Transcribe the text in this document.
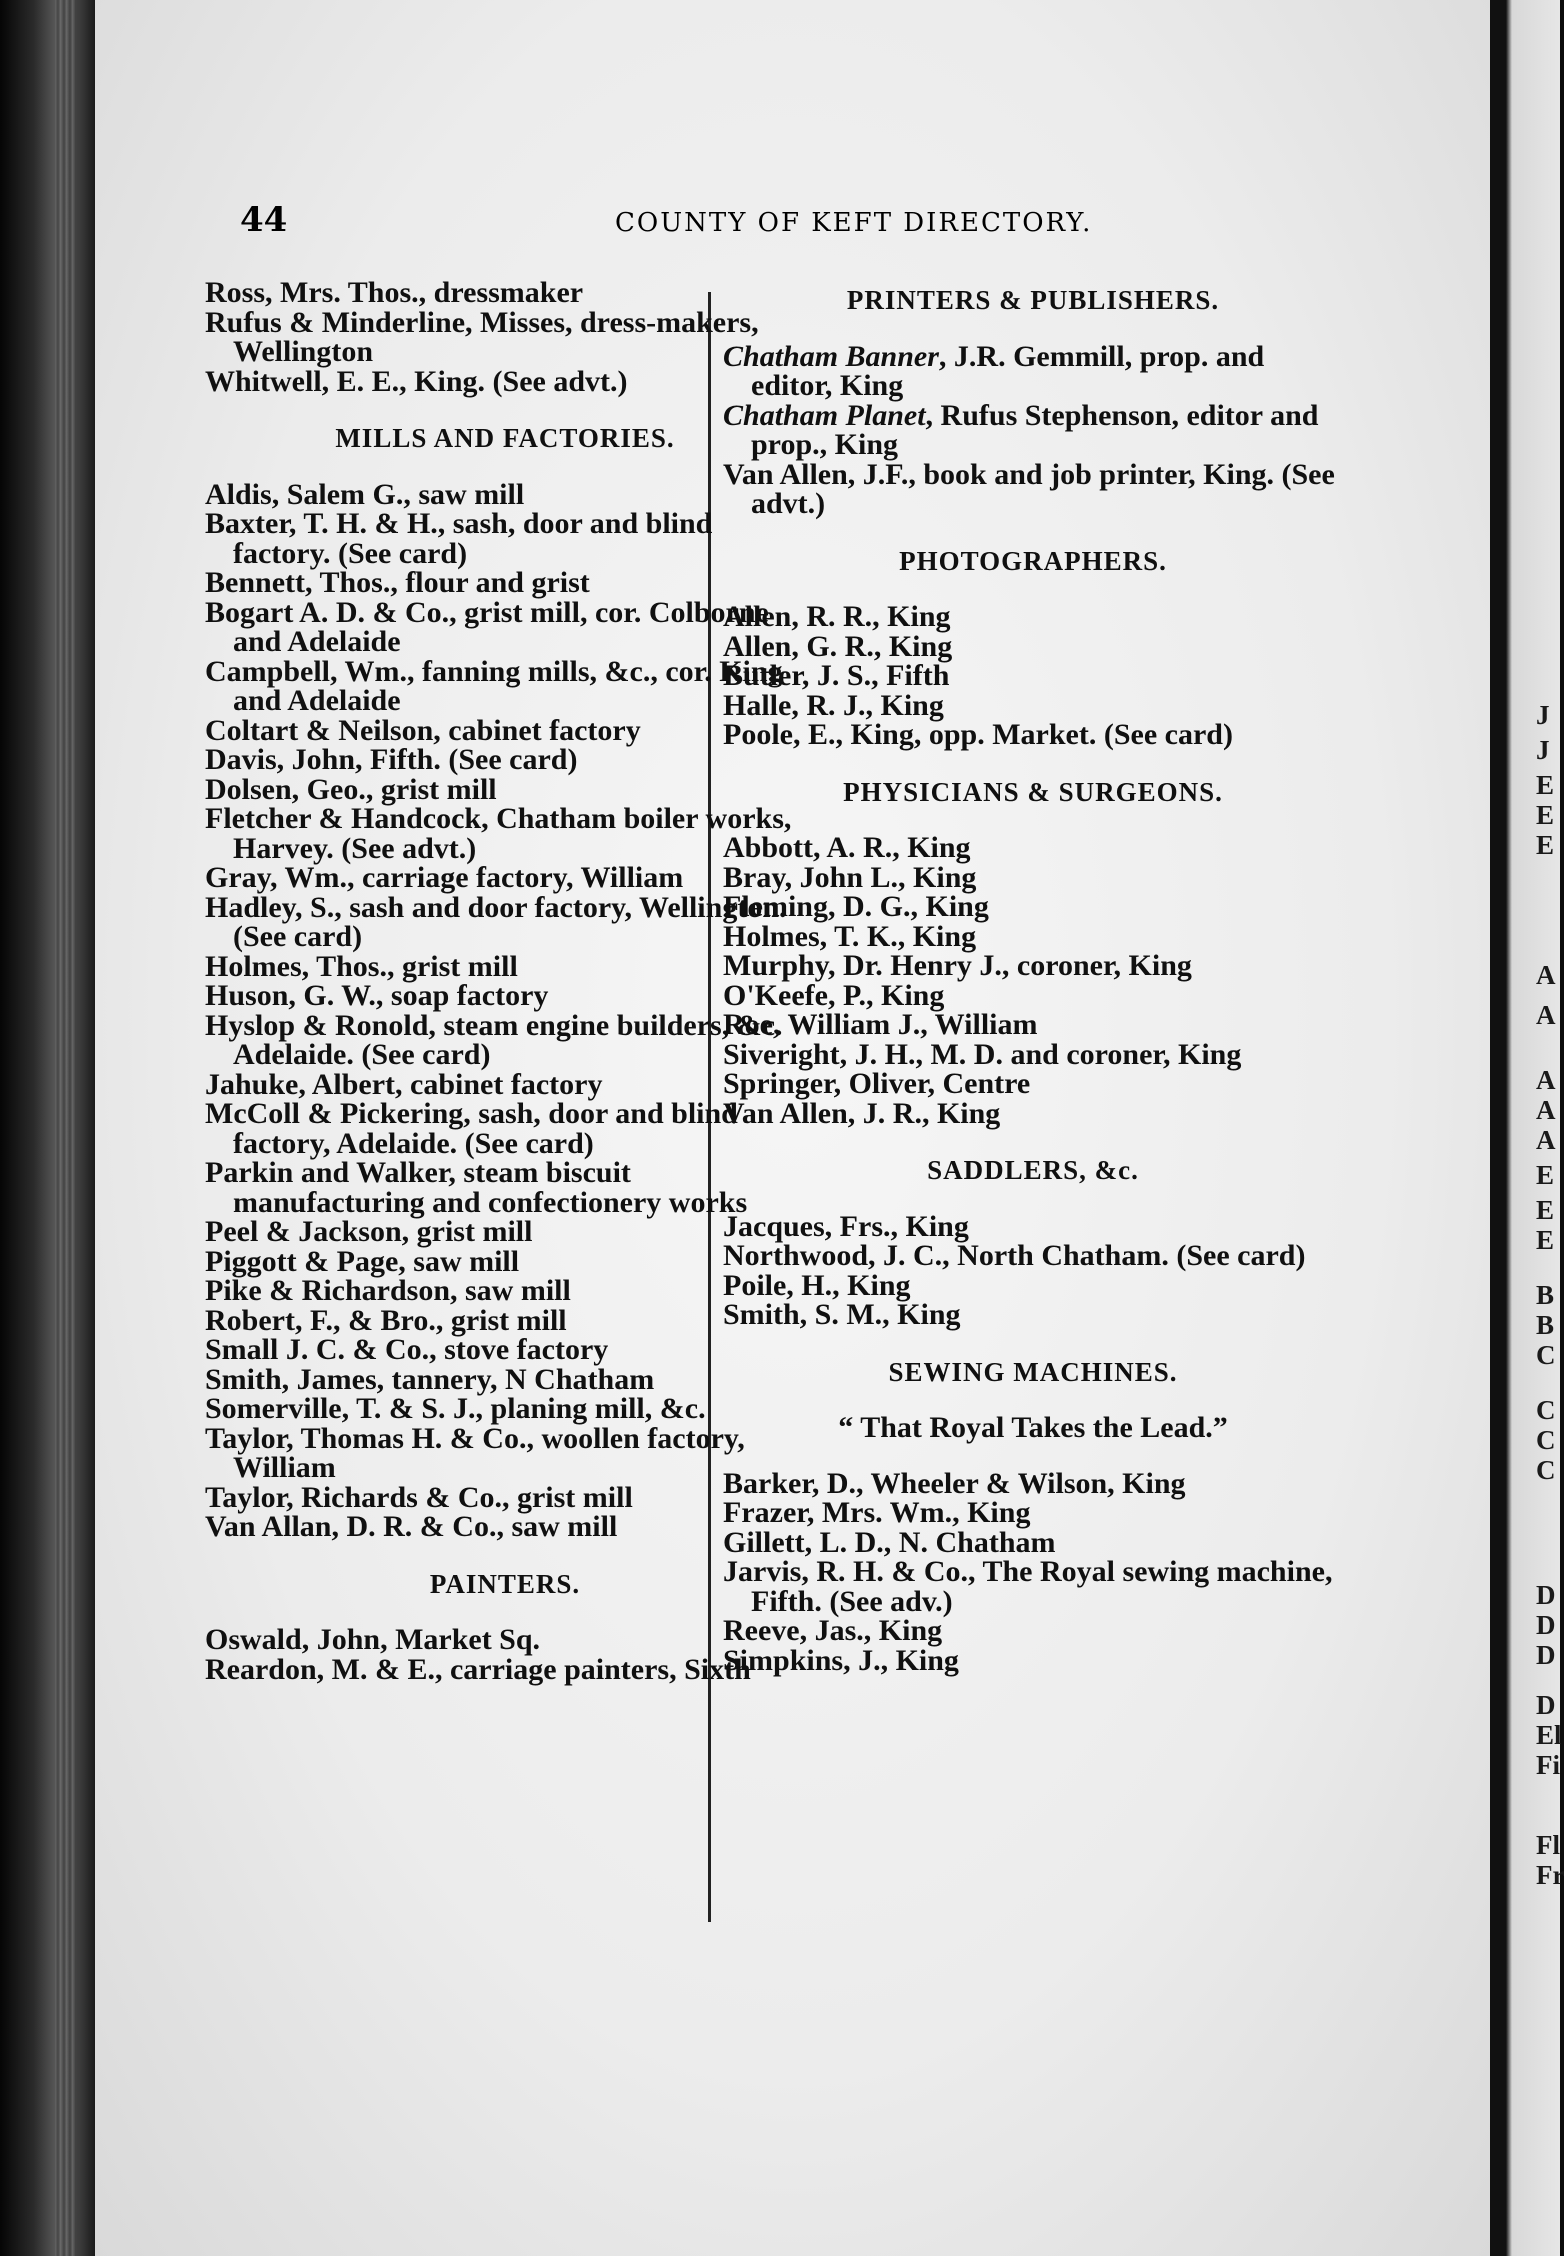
J
J
E
E
E
A
A
A
A
A
E
E
E
B
B
C
C
C
C
D
D
D
D
El
Fi
Fl
Fr
44	COUNTY OF KEFT DIRECTORY.

Ross, Mrs. Thos., dressmaker

Rufus & Minderline, Misses, dress-makers, Wellington

Whitwell, E. E., King. (See advt.)

MILLS AND FACTORIES.

Aldis, Salem G., saw mill

Baxter, T. H. & H., sash, door and blind factory. (See card)

Bennett, Thos., flour and grist

Bogart A. D. & Co., grist mill, cor. Colborne and Adelaide

Campbell, Wm., fanning mills, &c., cor. King and Adelaide

Coltart & Neilson, cabinet factory

Davis, John, Fifth. (See card)

Dolsen, Geo., grist mill

Fletcher & Handcock, Chatham boiler works, Harvey. (See advt.)

Gray, Wm., carriage factory, William

Hadley, S., sash and door factory, Wellington. (See card)

Holmes, Thos., grist mill

Huson, G. W., soap factory

Hyslop & Ronold, steam engine builders, &c. Adelaide. (See card)

Jahuke, Albert, cabinet factory

McColl & Pickering, sash, door and blind factory, Adelaide. (See card)

Parkin and Walker, steam biscuit manufacturing and confectionery works

Peel & Jackson, grist mill

Piggott & Page, saw mill

Pike & Richardson, saw mill

Robert, F., & Bro., grist mill

Small J. C. & Co., stove factory

Smith, James, tannery, N Chatham

Somerville, T. & S. J., planing mill, &c.

Taylor, Thomas H. & Co., woollen factory, William

Taylor, Richards & Co., grist mill

Van Allan, D. R. & Co., saw mill

PAINTERS.

Oswald, John, Market Sq.

Reardon, M. & E., carriage painters, Sixth

PRINTERS & PUBLISHERS.

Chatham Banner, J.R. Gemmill, prop. and editor, King

Chatham Planet, Rufus Stephenson, editor and prop., King

Van Allen, J.F., book and job printer, King. (See advt.)

PHOTOGRAPHERS.

Allen, R. R., King

Allen, G. R., King

Butler, J. S., Fifth

Halle, R. J., King

Poole, E., King, opp. Market. (See card)

PHYSICIANS & SURGEONS.

Abbott, A. R., King

Bray, John L., King

Fleming, D. G., King

Holmes, T. K., King

Murphy, Dr. Henry J., coroner, King

O'Keefe, P., King

Roe, William J., William

Siveright, J. H., M. D. and coroner, King

Springer, Oliver, Centre

Van Allen, J. R., King

SADDLERS, &c.

Jacques, Frs., King

Northwood, J. C., North Chatham. (See card)

Poile, H., King

Smith, S. M., King

SEWING MACHINES.
“ That Royal Takes the Lead.”

Barker, D., Wheeler & Wilson, King

Frazer, Mrs. Wm., King

Gillett, L. D., N. Chatham

Jarvis, R. H. & Co., The Royal sewing machine, Fifth. (See adv.)

Reeve, Jas., King

Simpkins, J., King
